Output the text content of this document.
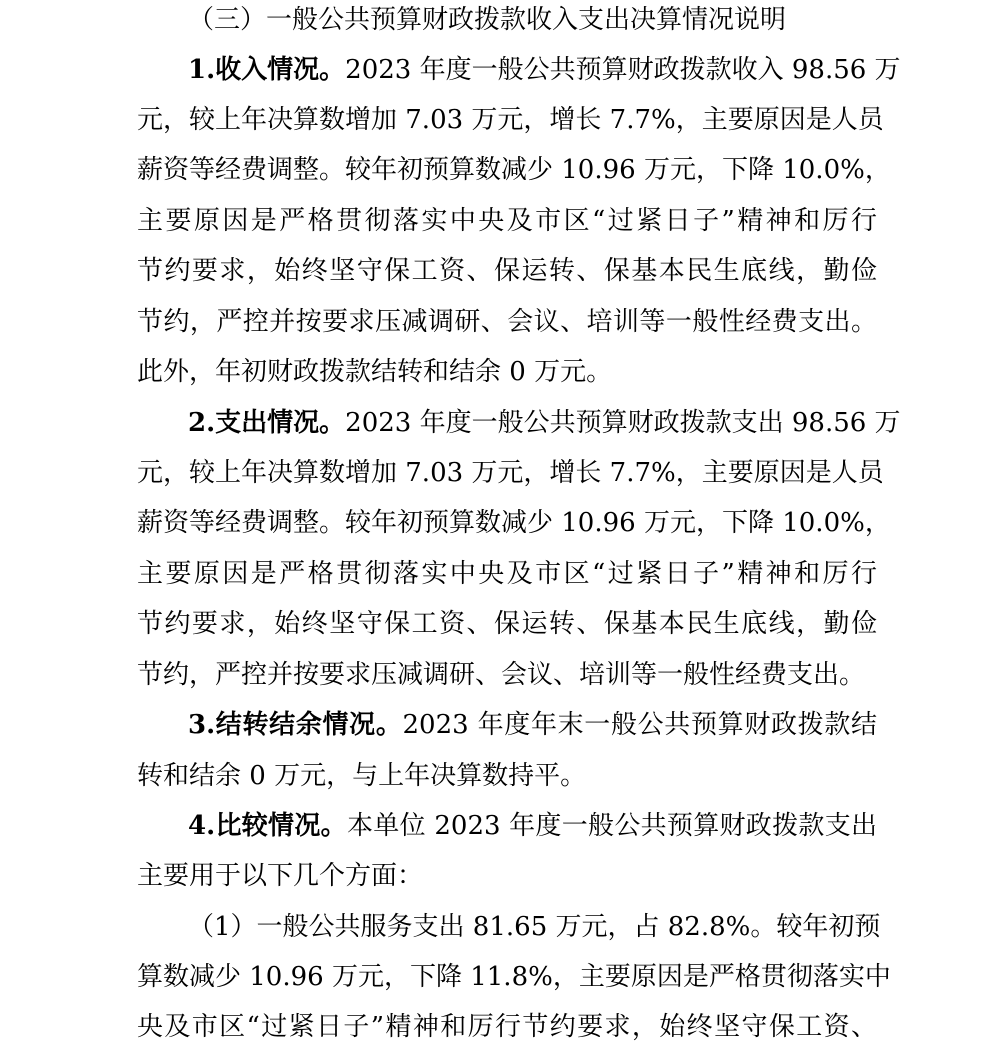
（三）一般公共预算财政拨款收入支出决算情况说明
1.收入情况。2023 年度一般公共预算财政拨款收入 98.56 万
元，较上年决算数增加 7.03 万元，增长 7.7%，主要原因是人员
薪资等经费调整。较年初预算数减少 10.96 万元，下降 10.0%，
主要原因是严格贯彻落实中央及市区“过紧日子”精神和厉行
节约要求，始终坚守保工资、保运转、保基本民生底线，勤俭
节约，严控并按要求压减调研、会议、培训等一般性经费支出。
此外，年初财政拨款结转和结余 0 万元。
2.支出情况。2023 年度一般公共预算财政拨款支出 98.56 万
元，较上年决算数增加 7.03 万元，增长 7.7%，主要原因是人员
薪资等经费调整。较年初预算数减少 10.96 万元，下降 10.0%，
主要原因是严格贯彻落实中央及市区“过紧日子”精神和厉行
节约要求，始终坚守保工资、保运转、保基本民生底线，勤俭
节约，严控并按要求压减调研、会议、培训等一般性经费支出。
3.结转结余情况。2023 年度年末一般公共预算财政拨款结
转和结余 0 万元，与上年决算数持平。
4.比较情况。本单位 2023 年度一般公共预算财政拨款支出
主要用于以下几个方面：
（1）一般公共服务支出 81.65 万元，占 82.8%。较年初预
算数减少 10.96 万元，下降 11.8%，主要原因是严格贯彻落实中
央及市区“过紧日子”精神和厉行节约要求，始终坚守保工资、
